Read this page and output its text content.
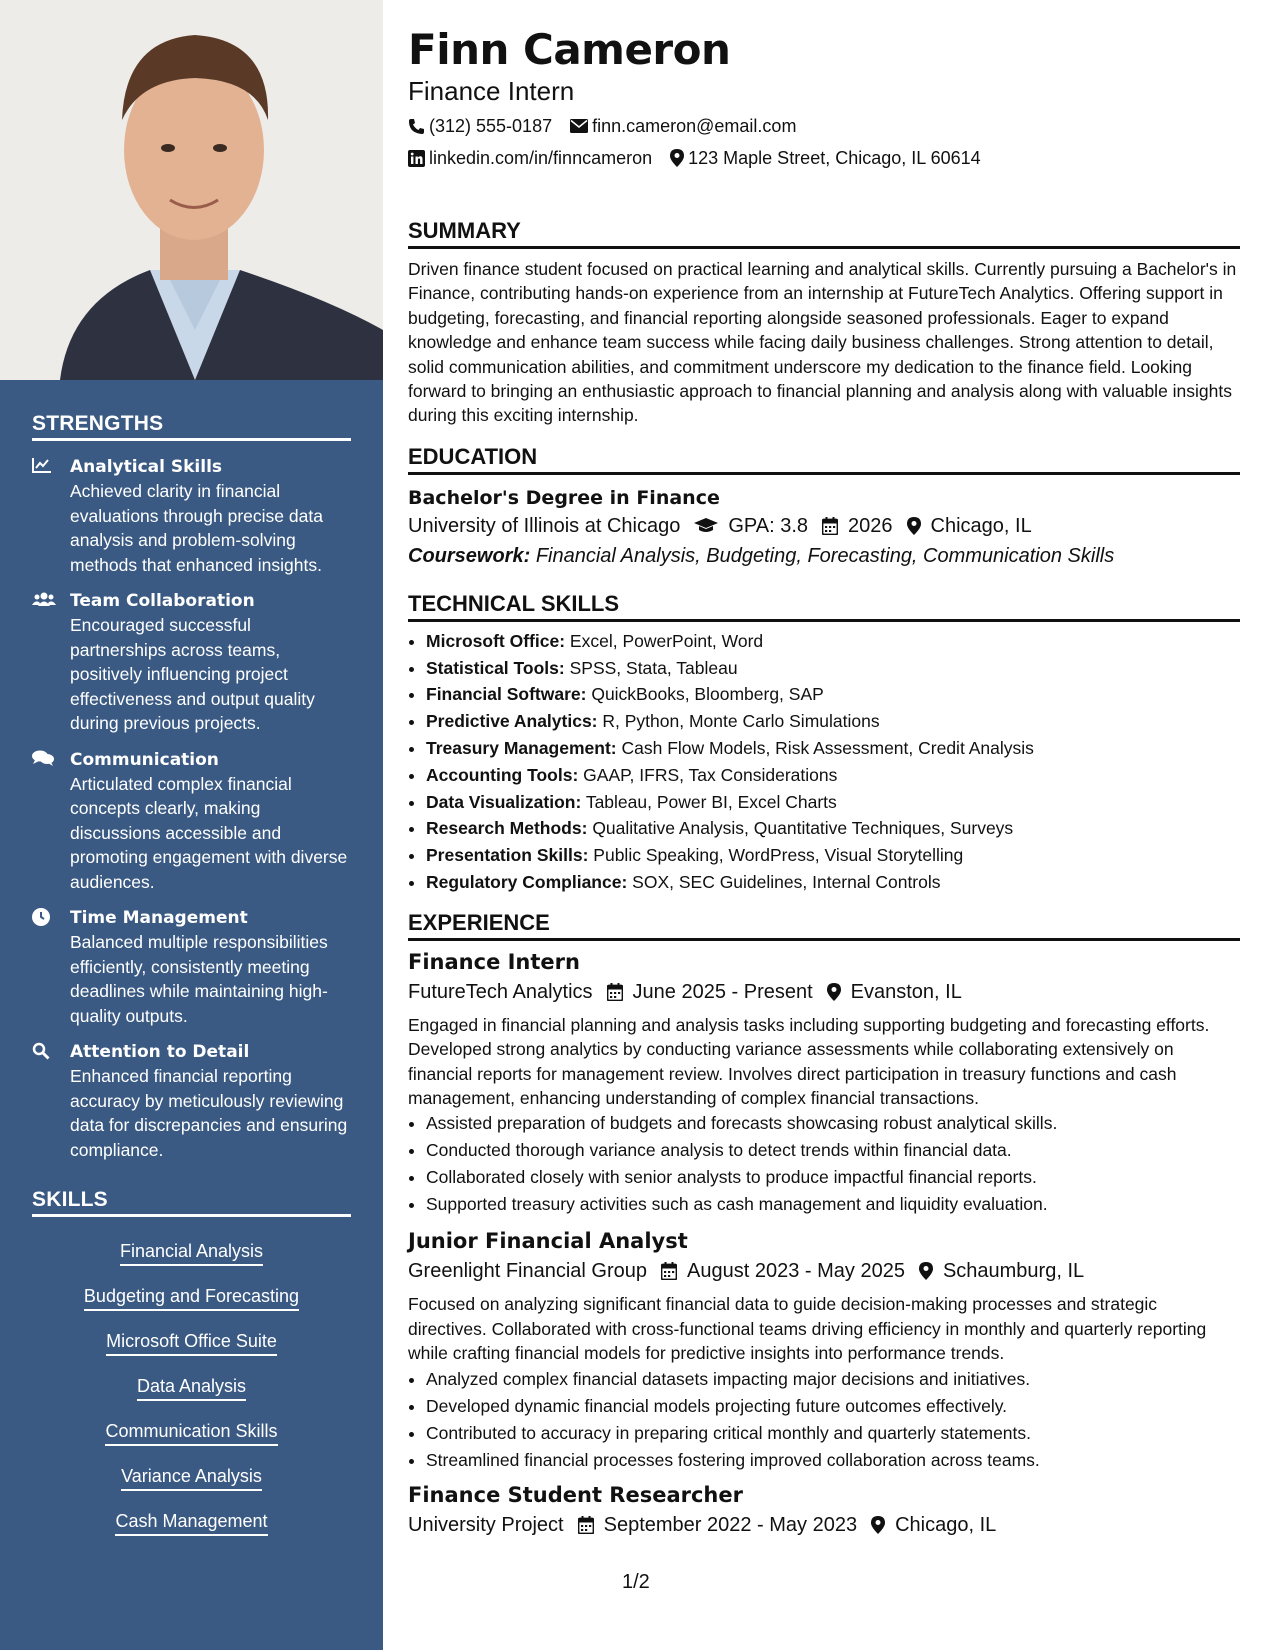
STRENGTHS
Analytical Skills
Achieved clarity in financial evaluations through precise data analysis and problem-solving methods that enhanced insights.
Team Collaboration
Encouraged successful partnerships across teams, positively influencing project effectiveness and output quality during previous projects.
Communication
Articulated complex financial concepts clearly, making discussions accessible and promoting engagement with diverse audiences.
Time Management
Balanced multiple responsibilities efficiently, consistently meeting deadlines while maintaining high-quality outputs.
Attention to Detail
Enhanced financial reporting accuracy by meticulously reviewing data for discrepancies and ensuring compliance.
SKILLS
Financial Analysis
Budgeting and Forecasting
Microsoft Office Suite
Data Analysis
Communication Skills
Variance Analysis
Cash Management
Finn Cameron
Finance Intern
(312) 555-0187 finn.cameron@email.com
linkedin.com/in/finncameron 123 Maple Street, Chicago, IL 60614
SUMMARY
Driven finance student focused on practical learning and analytical skills. Currently pursuing a Bachelor's in Finance, contributing hands-on experience from an internship at FutureTech Analytics. Offering support in budgeting, forecasting, and financial reporting alongside seasoned professionals. Eager to expand knowledge and enhance team success while facing daily business challenges. Strong attention to detail, solid communication abilities, and commitment underscore my dedication to the finance field. Looking forward to bringing an enthusiastic approach to financial planning and analysis along with valuable insights during this exciting internship.
EDUCATION
Bachelor's Degree in Finance
University of Illinois at Chicago GPA: 3.8 2026 Chicago, IL
Coursework: Financial Analysis, Budgeting, Forecasting, Communication Skills
TECHNICAL SKILLS
• Microsoft Office: Excel, PowerPoint, Word
• Statistical Tools: SPSS, Stata, Tableau
• Financial Software: QuickBooks, Bloomberg, SAP
• Predictive Analytics: R, Python, Monte Carlo Simulations
• Treasury Management: Cash Flow Models, Risk Assessment, Credit Analysis
• Accounting Tools: GAAP, IFRS, Tax Considerations
• Data Visualization: Tableau, Power BI, Excel Charts
• Research Methods: Qualitative Analysis, Quantitative Techniques, Surveys
• Presentation Skills: Public Speaking, WordPress, Visual Storytelling
• Regulatory Compliance: SOX, SEC Guidelines, Internal Controls
EXPERIENCE
Finance Intern
FutureTech Analytics June 2025 - Present Evanston, IL
Engaged in financial planning and analysis tasks including supporting budgeting and forecasting efforts. Developed strong analytics by conducting variance assessments while collaborating extensively on financial reports for management review. Involves direct participation in treasury functions and cash management, enhancing understanding of complex financial transactions.
• Assisted preparation of budgets and forecasts showcasing robust analytical skills.
• Conducted thorough variance analysis to detect trends within financial data.
• Collaborated closely with senior analysts to produce impactful financial reports.
• Supported treasury activities such as cash management and liquidity evaluation.
Junior Financial Analyst
Greenlight Financial Group August 2023 - May 2025 Schaumburg, IL
Focused on analyzing significant financial data to guide decision-making processes and strategic directives. Collaborated with cross-functional teams driving efficiency in monthly and quarterly reporting while crafting financial models for predictive insights into performance trends.
• Analyzed complex financial datasets impacting major decisions and initiatives.
• Developed dynamic financial models projecting future outcomes effectively.
• Contributed to accuracy in preparing critical monthly and quarterly statements.
• Streamlined financial processes fostering improved collaboration across teams.
Finance Student Researcher
University Project September 2022 - May 2023 Chicago, IL
1/2
